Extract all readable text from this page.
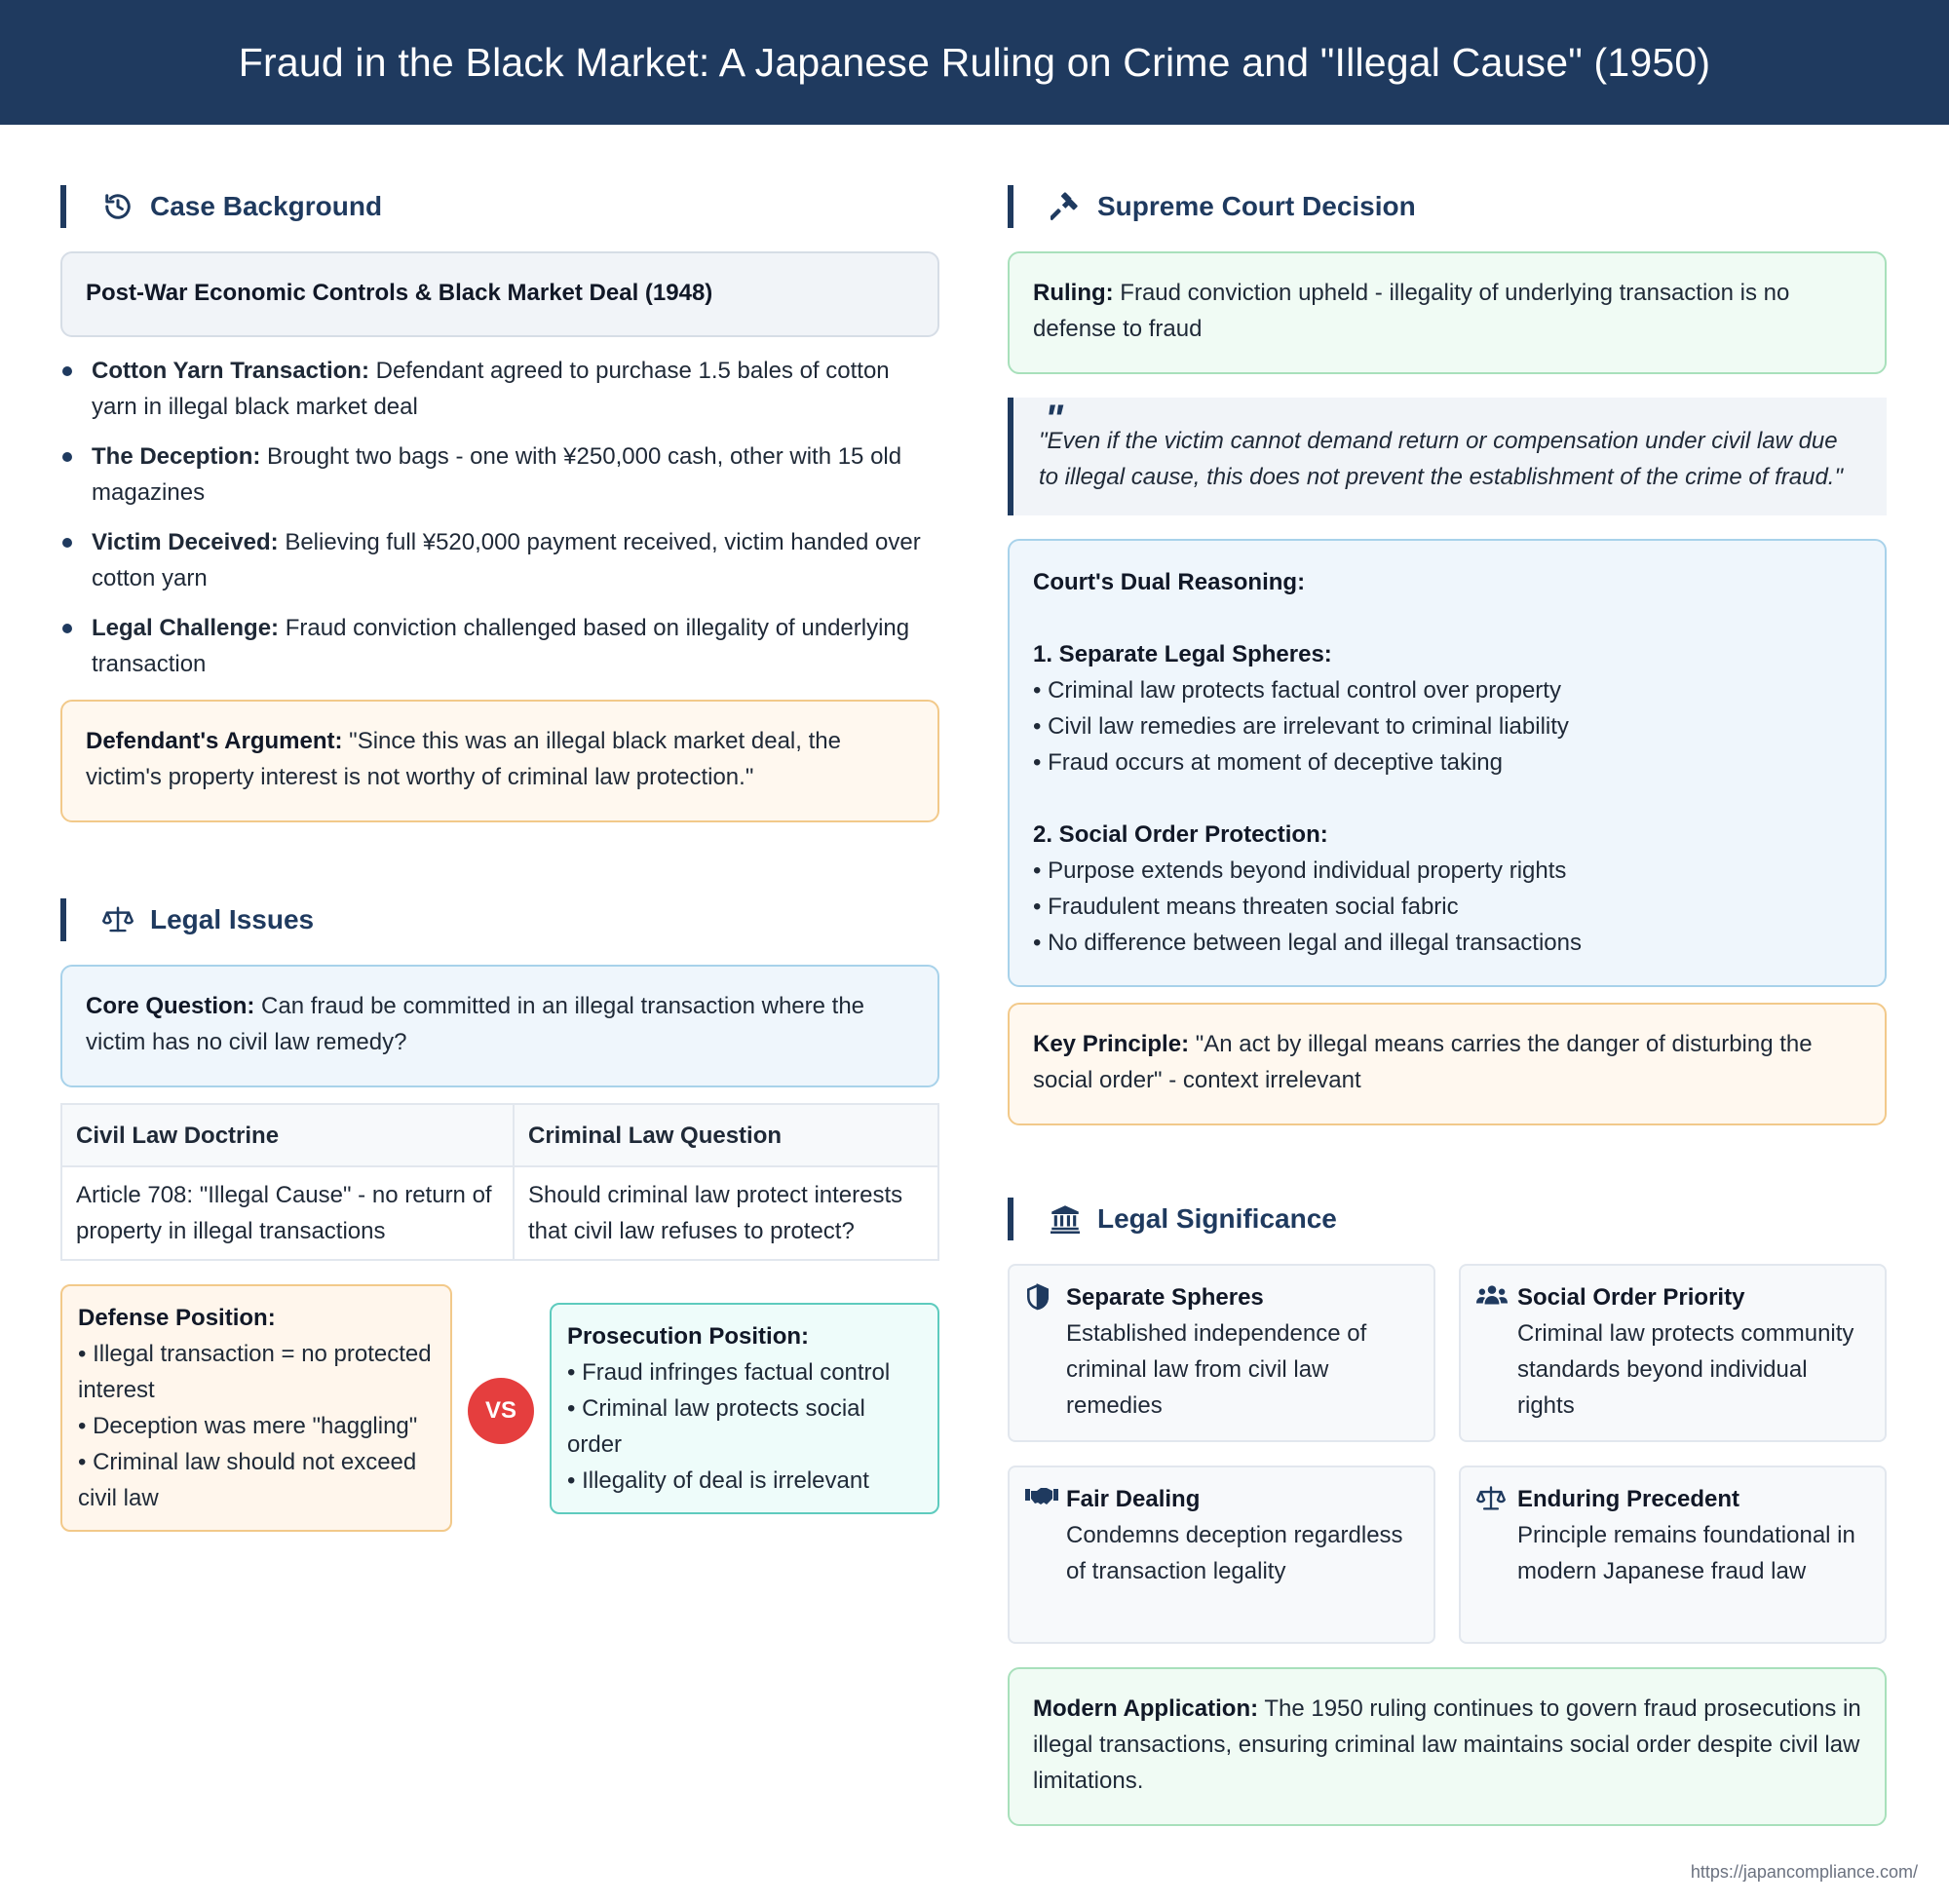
Fraud in the Black Market: A Japanese Ruling on Crime and "Illegal Cause" (1950)
Case Background
Post-War Economic Controls & Black Market Deal (1948)
Cotton Yarn Transaction: Defendant agreed to purchase 1.5 bales of cotton yarn in illegal black market deal
The Deception: Brought two bags - one with ¥250,000 cash, other with 15 old magazines
Victim Deceived: Believing full ¥520,000 payment received, victim handed over cotton yarn
Legal Challenge: Fraud conviction challenged based on illegality of underlying transaction
Defendant's Argument: "Since this was an illegal black market deal, the victim's property interest is not worthy of criminal law protection."
Legal Issues
Core Question: Can fraud be committed in an illegal transaction where the victim has no civil law remedy?
Civil Law Doctrine	Criminal Law Question
Article 708: "Illegal Cause" - no return of property in illegal transactions	Should criminal law protect interests that civil law refuses to protect?
Defense Position:
• Illegal transaction = no protected interest
• Deception was mere "haggling"
• Criminal law should not exceed civil law
VS
Prosecution Position:
• Fraud infringes factual control
• Criminal law protects social order
• Illegality of deal is irrelevant
Supreme Court Decision
Ruling: Fraud conviction upheld - illegality of underlying transaction is no defense to fraud
"
"Even if the victim cannot demand return or compensation under civil law due to illegal cause, this does not prevent the establishment of the crime of fraud."

Court's Dual Reasoning:

1. Separate Legal Spheres:

• Criminal law protects factual control over property

• Civil law remedies are irrelevant to criminal liability

• Fraud occurs at moment of deceptive taking

2. Social Order Protection:

• Purpose extends beyond individual property rights

• Fraudulent means threaten social fabric

• No difference between legal and illegal transactions

Key Principle: "An act by illegal means carries the danger of disturbing the social order" - context irrelevant
Legal Significance
Separate Spheres
Established independence of criminal law from civil law remedies
Social Order Priority
Criminal law protects community standards beyond individual rights
Fair Dealing
Condemns deception regardless of transaction legality
Enduring Precedent
Principle remains foundational in modern Japanese fraud law
Modern Application: The 1950 ruling continues to govern fraud prosecutions in illegal transactions, ensuring criminal law maintains social order despite civil law limitations.
https://japancompliance.com/
